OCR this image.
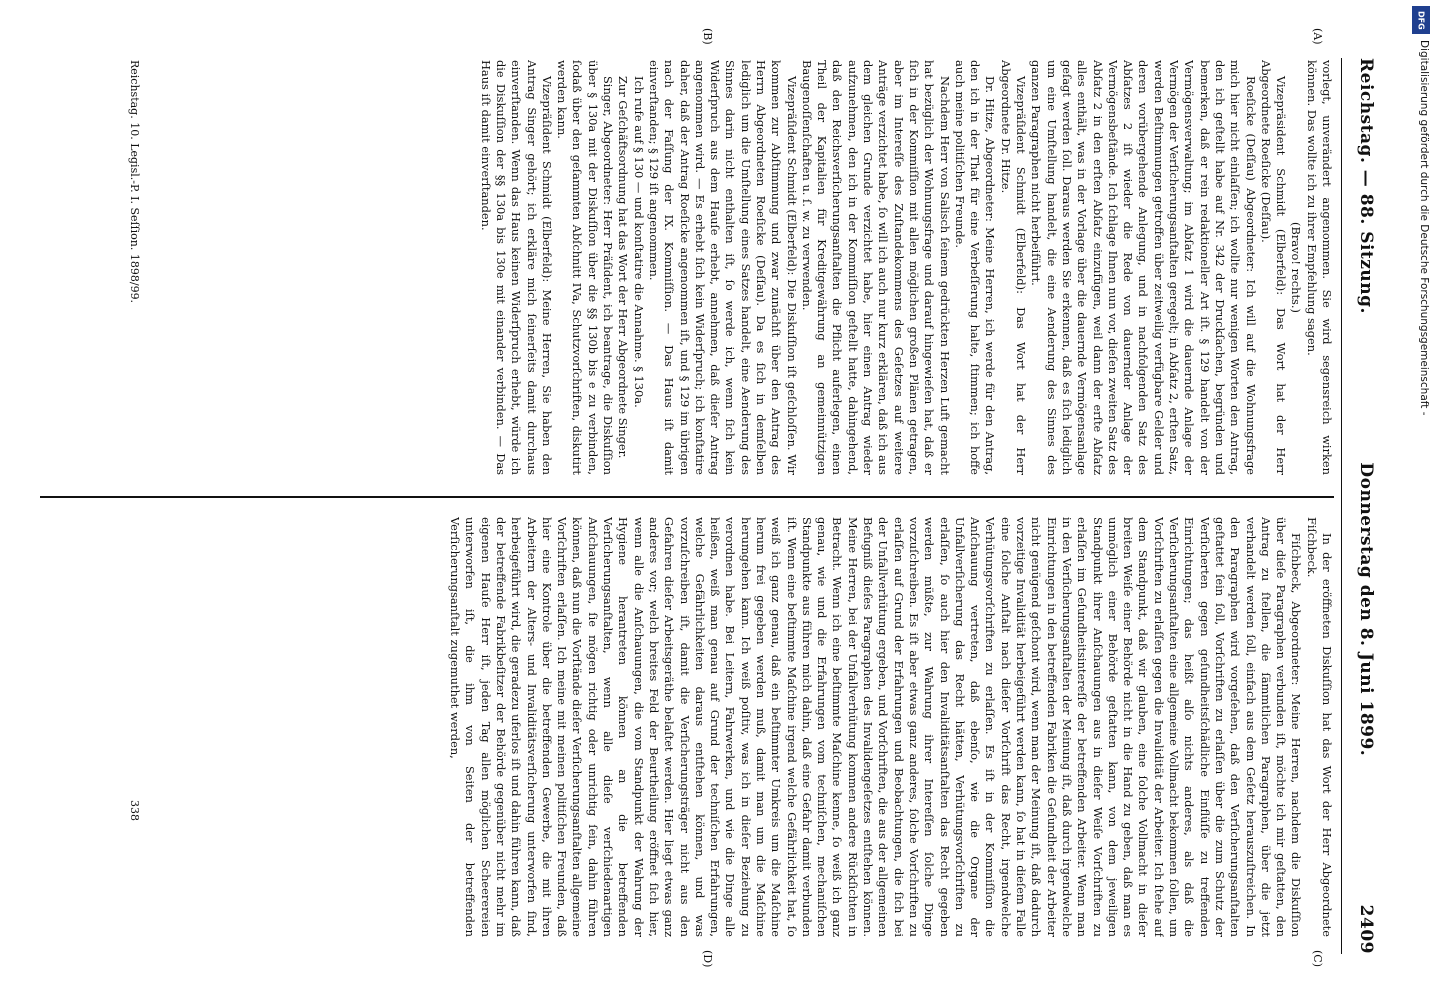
Reichstag. — 88. Sitzung.
Donnerstag den 8. Juni 1899.
2409
(A)
(B)
(C)
(D)

vorlegt, unverändert angenommen. Sie wird segensreich wirken können. Das wollte ich zu ihrer Empfehlung sagen.

(Bravo! rechts.)

Vizepräsident Schmidt (Elberfeld): Das Wort hat der Herr Abgeordnete Roeſicke (Deſſau).

Roeſicke (Deſſau) Abgeordneter: Ich will auf die Wohnungsfrage mich hier nicht einlaſſen; ich wollte nur wenigen Worten den Antrag, den ich geſtellt habe auf Nr. 342 der Druckſachen, begründen und bemerken, daß er rein redaktioneller Art iſt. § 129 handelt von der Vermögensverwaltung; im Abſatz 1 wird die dauernde Anlage der Vermögen der Verſicherungsanſtalten geregelt; in Abſatz 2, erſten Satz, werden Beſtimmungen getroffen über zeitweilig verfügbare Gelder und deren vorübergehende Anlegung, und in nachfolgenden Satz des Abſatzes 2 iſt wieder die Rede von dauernder Anlage der Vermögensbeſtände. Ich ſchlage Ihnen nun vor, dieſen zweiten Satz des Abſatz 2 in den erſten Abſatz einzufügen, weil dann der erſte Abſatz alles enthält, was in der Vorlage über die dauernde Vermögensanlage geſagt werden ſoll. Daraus werden Sie erkennen, daß es ſich lediglich um eine Umſtellung handelt, die eine Aenderung des Sinnes des ganzen Paragraphen nicht herbeiführt.

Vizepräſident Schmidt (Elberfeld): Das Wort hat der Herr Abgeordnete Dr. Hitze.

Dr. Hitze, Abgeordneter: Meine Herren, ich werde für den Antrag, den ich in der That für eine Verbeſſerung halte, ſtimmen; ich hoffe auch meine politiſchen Freunde.

Nachdem Herr von Salisch ſeinem gedrückten Herzen Luft gemacht hat bezüglich der Wohnungsfrage und darauf hingewieſen hat, daß er ſich in der Kommiſſion mit allen möglichen großen Plänen getragen, aber im Intereſſe des Zuſtandekommens des Geſetzes auf weitere Anträge verzichtet habe, ſo will ich auch nur kurz erklären, daß ich aus dem gleichen Grunde verzichtet habe, hier einen Antrag wieder aufzunehmen, den ich in der Kommiſſion geſtellt hatte, dahingehend, daß den Reichsverſicherungsanſtalten die Pflicht auferlegen, einen Theil der Kapitalien für Kreditgewährung an gemeinnützigen Baugenoſſenſchaften u. ſ. w. zu verwenden.

Vizepräſident Schmidt (Elberfeld): Die Diskuſſion iſt geſchloſſen. Wir kommen zur Abſtimmung und zwar zunächſt über den Antrag des Herrn Abgeordneten Roeſicke (Deſſau). Da es ſich in demſelben lediglich um die Umſtellung eines Satzes handelt, eine Aenderung des Sinnes darin nicht enthalten iſt, ſo werde ich, wenn ſich kein Widerſpruch aus dem Hauſe erhebt, annehmen, daß dieſer Antrag angenommen wird. — Es erhebt ſich kein Widerſpruch; ich konſtatire daher, daß der Antrag Roeſicke angenommen iſt, und § 129 im übrigen nach der Faſſung der IX. Kommiſſion. — Das Haus iſt damit einverſtanden; § 129 iſt angenommen.

Ich rufe auf § 130 — und konſtatire die Annahme. § 130a.

Zur Geſchäftsordnung hat das Wort der Herr Abgeordnete Singer.

Singer, Abgeordneter: Herr Präſident, ich beantrage, die Diskuſſion über § 130a mit der Diskuſſion über die §§ 130b bis e zu verbinden, ſodaß über den geſammten Abſchnitt IVa, Schutzvorſchriften, diskutirt werden kann.

Vizepräſident Schmidt (Elberfeld): Meine Herren, Sie haben den Antrag Singer gehört; ich erkläre mich ſeinerſeits damit durchaus einverſtanden. Wenn das Haus keinen Widerſpruch erhebt, würde ich die Diskuſſion der §§ 130a bis 130e mit einander verbinden. — Das Haus iſt damit einverſtanden.

In der eröffneten Diskuſſion hat das Wort der Herr Abgeordnete Fiſchbeck.

Fiſchbeck, Abgeordneter: Meine Herren, nachdem die Diskuſſion über dieſe Paragraphen verbunden iſt, möchte ich mir geſtatten, den Antrag zu ſtellen, die ſämmtlichen Paragraphen, über die jetzt verhandelt werden ſoll, einfach aus dem Geſetz herauszuſtreichen. In den Paragraphen wird vorgeſehen, daß den Verſicherungsanſtalten geſtattet ſein ſoll, Vorſchriften zu erlaſſen über die zum Schutz der Verſicherten gegen geſundheitsſchädliche Einflüſſe zu treffenden Einrichtungen; das heißt alſo nichts anderes, als daß die Verſicherungsanſtalten eine allgemeine Vollmacht bekommen ſollen, um Vorſchriften zu erlaſſen gegen die Invalidität der Arbeiter. Ich ſtehe auf dem Standpunkt, daß wir glauben, eine ſolche Vollmacht in dieſer breiten Weiſe einer Behörde nicht in die Hand zu geben, daß man es unmöglich einer Behörde geſtatten kann, von dem jeweiligen Standpunkt ihrer Anſchauungen aus in dieſer Weiſe Vorſchriften zu erlaſſen im Geſundheitsintereſſe der betreffenden Arbeiter. Wenn man in den Verſicherungsanſtalten der Meinung iſt, daß durch irgendwelche Einrichtungen in den betreffenden Fabriken die Geſundheit der Arbeiter nicht genügend geſchont wird, wenn man der Meinung iſt, daß dadurch vorzeitige Invalidität herbeigeführt werden kann, ſo hat in dieſem Falle eine ſolche Anſtalt nach dieſer Vorſchrift das Recht, irgendwelche Verhütungsvorſchriften zu erlaſſen. Es iſt in der Kommiſſion die Anſchauung vertreten, daß ebenſo, wie die Organe der Unfallverſicherung das Recht hätten, Verhütungsvorſchriften zu erlaſſen, ſo auch hier den Invaliditätsanſtalten das Recht gegeben werden müßte, zur Wahrung ihrer Intereſſen ſolche Dinge vorzuſchreiben. Es iſt aber etwas ganz anderes, ſolche Vorſchriften zu erlaſſen auf Grund der Erfahrungen und Beobachtungen, die ſich bei der Unfallverhütung ergeben, und Vorſchriften, die aus der allgemeinen Befugniß dieſes Paragraphen des Invalidengeſetzes entſtehen können. Meine Herren, bei der Unfallverhütung kommen andere Rückſichten in Betracht. Wenn ich eine beſtimmte Maſchine kenne, ſo weiß ich ganz genau, wie und die Erfahrungen vom techniſchen, mechaniſchen Standpunkte aus führen mich dahin, daß eine Gefahr damit verbunden iſt. Wenn eine beſtimmte Maſchine irgend welche Gefährlichkeit hat, ſo weiß ich ganz genau, daß ein beſtimmter Umkreis um die Maſchine herum frei gegeben werden muß, damit man um die Maſchine herumgehen kann. Ich weiß poſitiv, was ich in dieſer Beziehung zu verordnen habe. Bei Leitern, Fahrwerken, und wie die Dinge alle heißen, weiß man genau auf Grund der techniſchen Erfahrungen, welche Gefährlichkeiten daraus entſtehen können, und was vorzuſchreiben iſt, damit die Verſicherungsträger nicht aus den Gefahren dieſer Arbeitsgeräthe belaſtet werden. Hier liegt etwas ganz anderes vor; welch breites Feld der Beurtheilung eröffnet ſich hier, wenn alle die Anſchauungen, die vom Standpunkt der Wahrung der Hygiene herantreten können an die betreffenden Verſicherungsanſtalten, wenn alle dieſe verſchiedenartigen Anſchauungen, ſie mögen richtig oder unrichtig ſein, dahin führen können, daß nun die Vorſtände dieſer Verſicherungsanſtalten allgemeine Vorſchriften erlaſſen. Ich meine mit meinen politiſchen Freunden, daß hier eine Kontrole über die betreffenden Gewerbe, die mit ihren Arbeitern der Alters- und Invaliditätsverſicherung unterworfen ſind, herbeigeführt wird, die geradezu uferlos iſt und dahin führen kann, daß der betreffende Fabrikbeſitzer der Behörde gegenüber nicht mehr im eigenen Hauſe Herr iſt, jeden Tag allen möglichen Scheerereien unterworfen iſt, die ihm von Seiten der betreffenden Verſicherungsanſtalt zugemuthet werden,

Reichstag. 10. Legisl.-P. I. Seſſion. 1898/99.
338
DFG
Digitalisierung gefördert durch die Deutsche Forschungsgemeinschaft -
